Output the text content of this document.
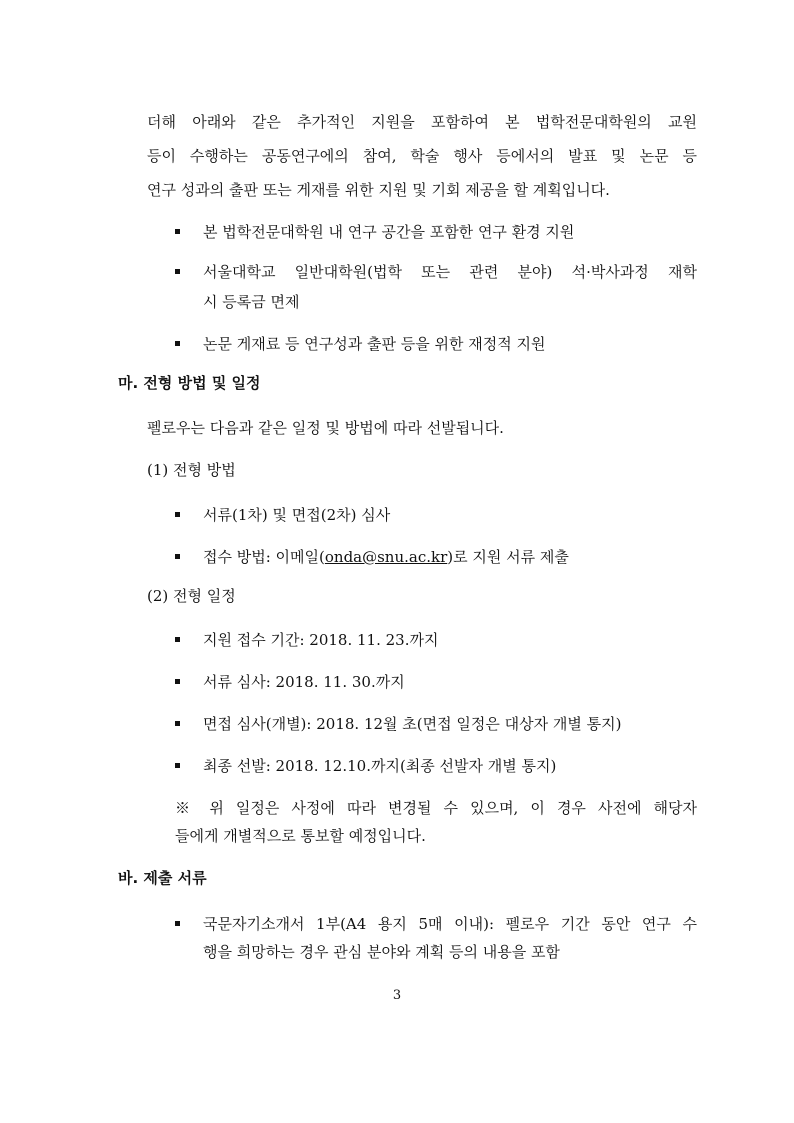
더해 아래와 같은 추가적인 지원을 포함하여 본 법학전문대학원의 교원
등이 수행하는 공동연구에의 참여, 학술 행사 등에서의 발표 및 논문 등
연구 성과의 출판 또는 게재를 위한 지원 및 기회 제공을 할 계획입니다.
본 법학전문대학원 내 연구 공간을 포함한 연구 환경 지원
서울대학교 일반대학원(법학 또는 관련 분야) 석·박사과정 재학
시 등록금 면제
논문 게재료 등 연구성과 출판 등을 위한 재정적 지원
마. 전형 방법 및 일정
펠로우는 다음과 같은 일정 및 방법에 따라 선발됩니다.
(1) 전형 방법
서류(1차) 및 면접(2차) 심사
접수 방법: 이메일(onda@snu.ac.kr)로 지원 서류 제출
(2) 전형 일정
지원 접수 기간: 2018. 11. 23.까지
서류 심사: 2018. 11. 30.까지
면접 심사(개별): 2018. 12월 초(면접 일정은 대상자 개별 통지)
최종 선발: 2018. 12.10.까지(최종 선발자 개별 통지)
※ 위 일정은 사정에 따라 변경될 수 있으며, 이 경우 사전에 해당자
들에게 개별적으로 통보할 예정입니다.
바. 제출 서류
국문자기소개서 1부(A4 용지 5매 이내): 펠로우 기간 동안 연구 수
행을 희망하는 경우 관심 분야와 계획 등의 내용을 포함
3
